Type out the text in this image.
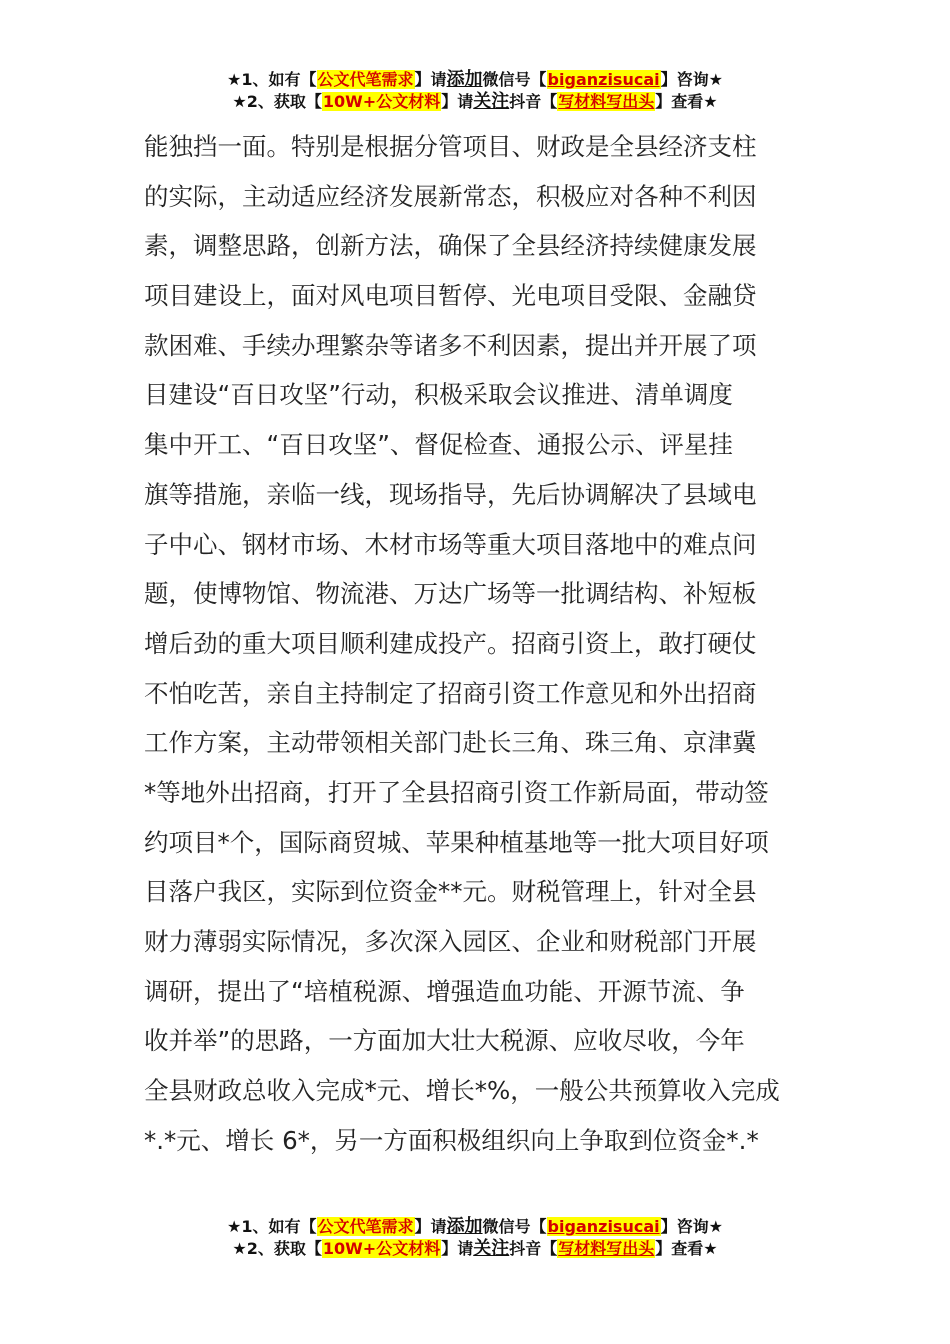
★1、如有【公文代笔需求】请添加微信号【biganzisucai】咨询★
★2、获取【10W+公文材料】请关注抖音【写材料写出头】查看★
能独挡一面。特别是根据分管项目、财政是全县经济支柱
的实际，主动适应经济发展新常态，积极应对各种不利因
素，调整思路，创新方法，确保了全县经济持续健康发展
项目建设上，面对风电项目暂停、光电项目受限、金融贷
款困难、手续办理繁杂等诸多不利因素，提出并开展了项
目建设“百日攻坚”行动，积极采取会议推进、清单调度
集中开工、“百日攻坚”、督促检查、通报公示、评星挂
旗等措施，亲临一线，现场指导，先后协调解决了县域电
子中心、钢材市场、木材市场等重大项目落地中的难点问
题，使博物馆、物流港、万达广场等一批调结构、补短板
增后劲的重大项目顺利建成投产。招商引资上，敢打硬仗
不怕吃苦，亲自主持制定了招商引资工作意见和外出招商
工作方案，主动带领相关部门赴长三角、珠三角、京津冀
*等地外出招商，打开了全县招商引资工作新局面，带动签
约项目*个，国际商贸城、苹果种植基地等一批大项目好项
目落户我区，实际到位资金**元。财税管理上，针对全县
财力薄弱实际情况，多次深入园区、企业和财税部门开展
调研，提出了“培植税源、增强造血功能、开源节流、争
收并举”的思路，一方面加大壮大税源、应收尽收，今年
全县财政总收入完成*元、增长*%，一般公共预算收入完成
*.*元、增长 6*，另一方面积极组织向上争取到位资金*.*
★1、如有【公文代笔需求】请添加微信号【biganzisucai】咨询★
★2、获取【10W+公文材料】请关注抖音【写材料写出头】查看★
